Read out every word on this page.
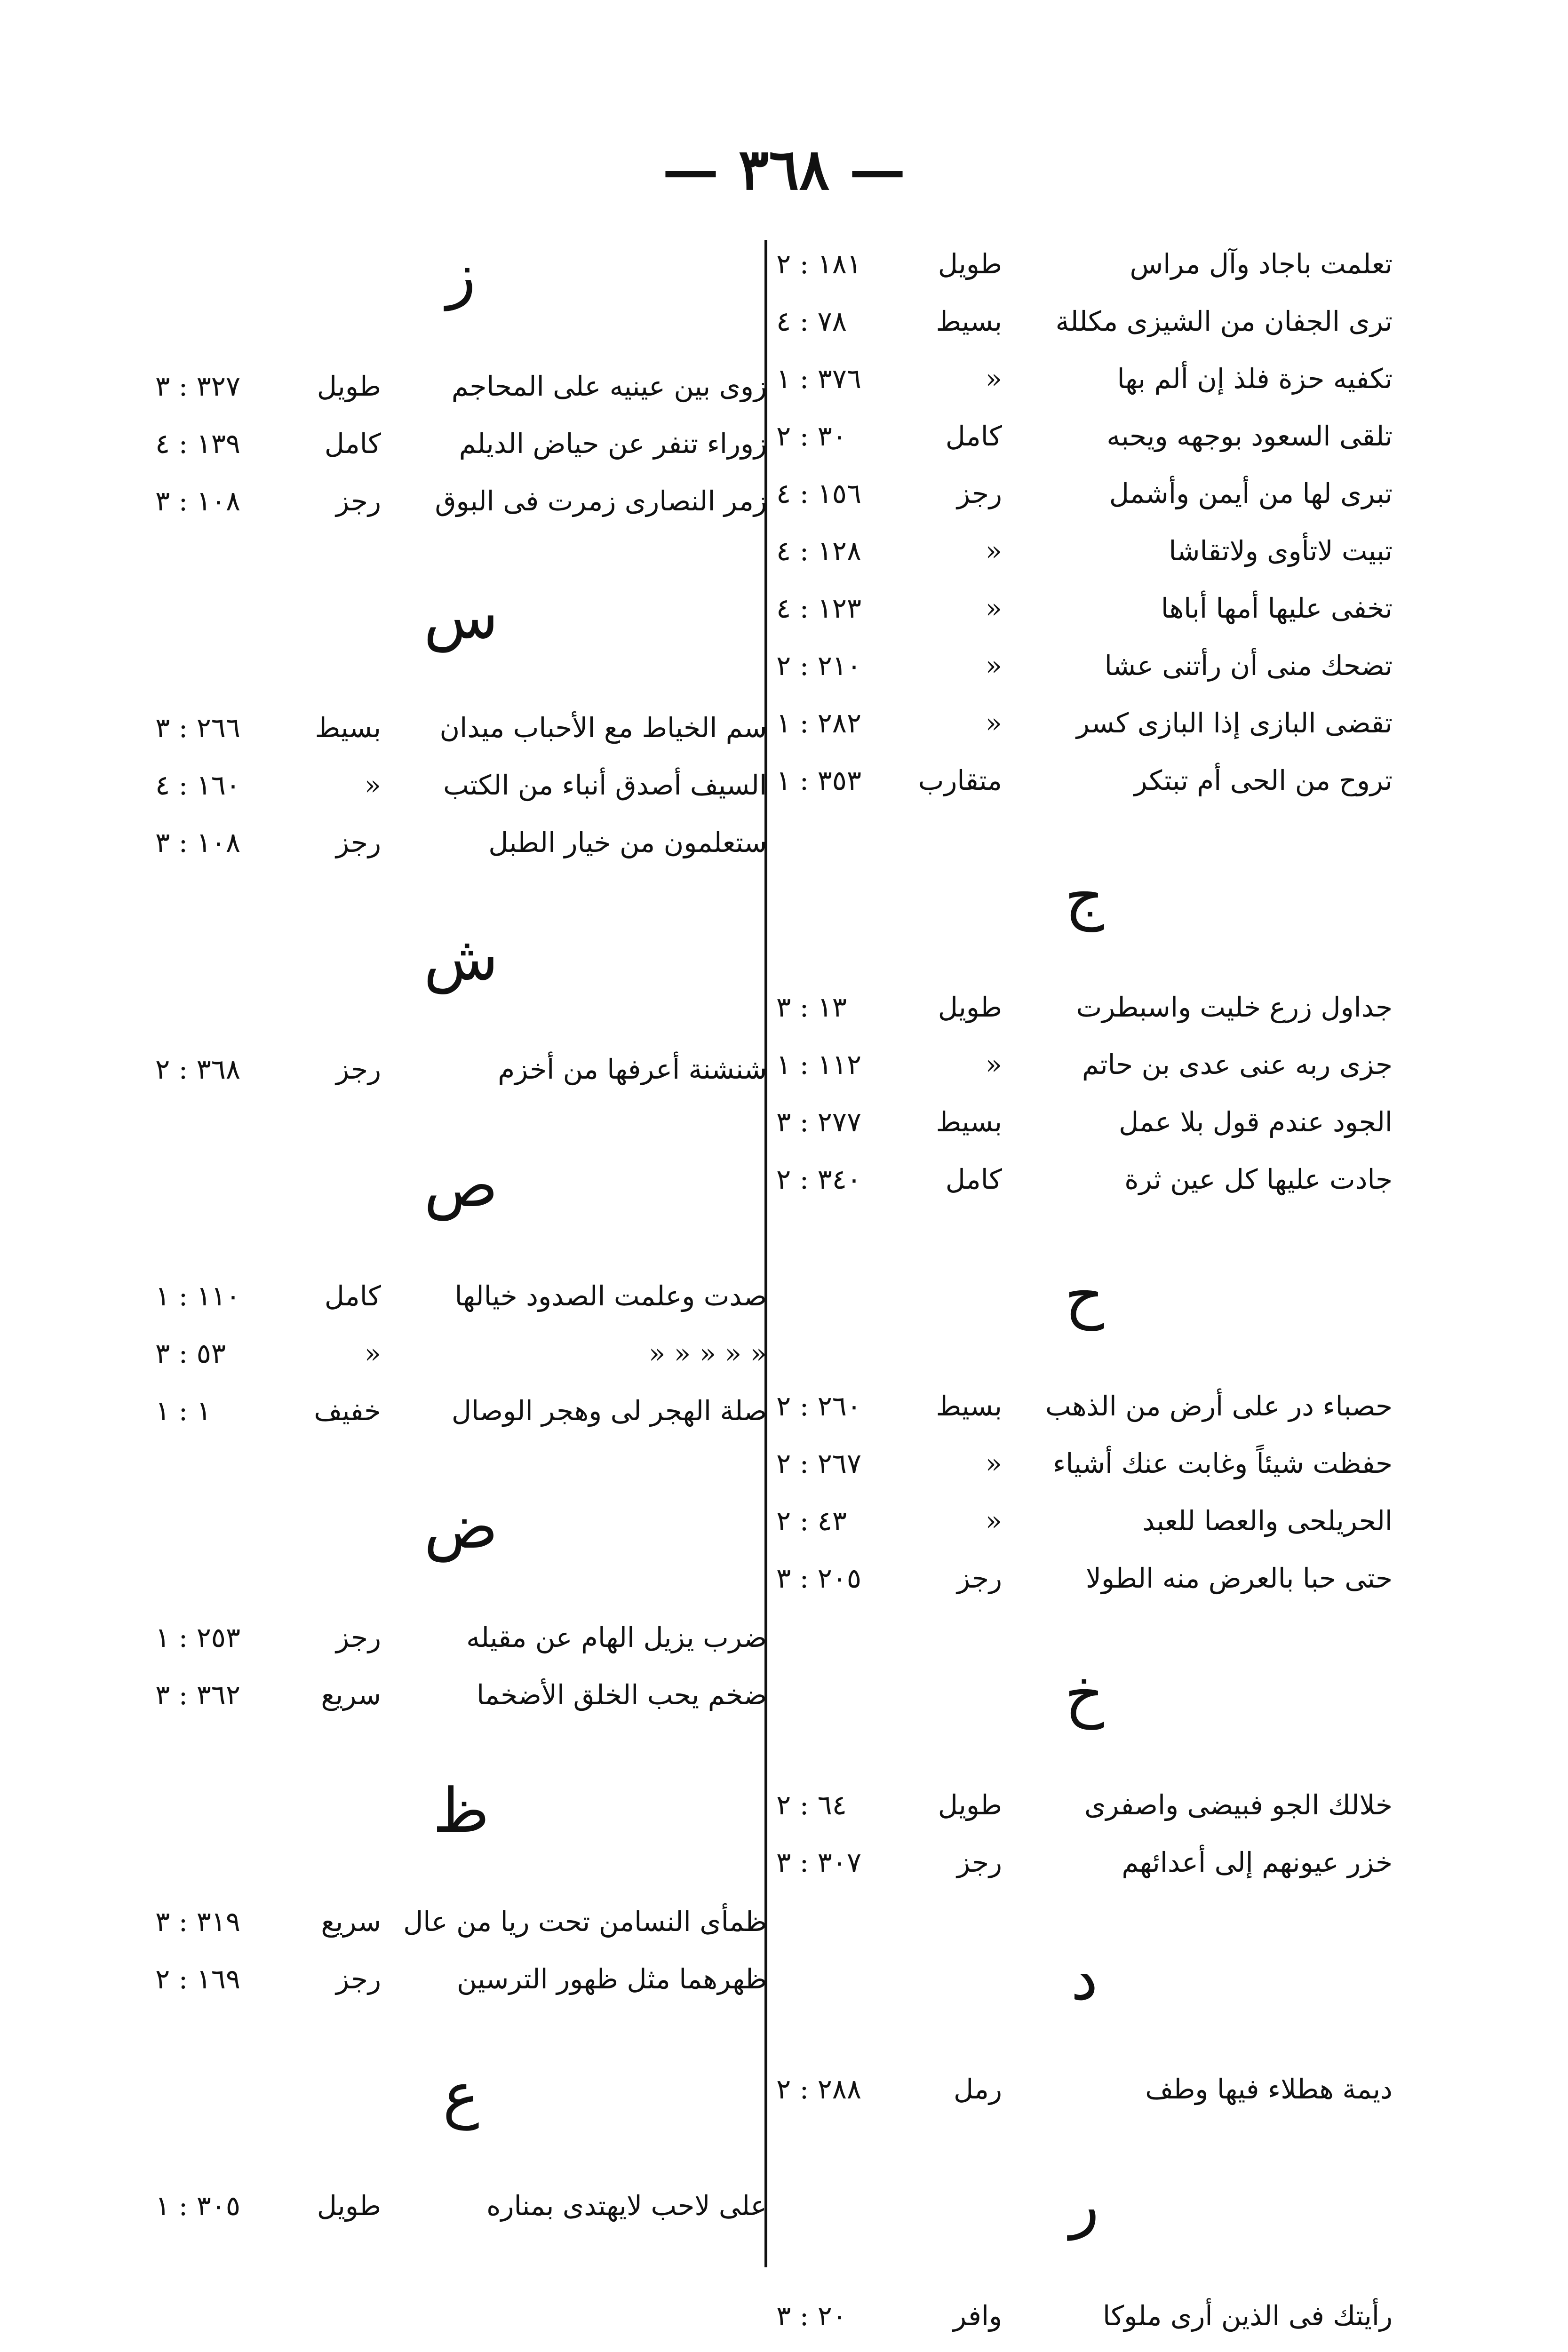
— ٣٦٨ —
تعلمت باجاد وآل مراس
طويل
١٨١ : ٢
ترى الجفان من الشيزى مكللة
بسيط
٧٨ : ٤
تكفيه حزة فلذ إن ألم بها
«
٣٧٦ : ١
تلقى السعود بوجهه ويحبه
كامل
٣٠ : ٢
تبرى لها من أيمن وأشمل
رجز
١٥٦ : ٤
تبيت لاتأوى ولاتقاشا
«
١٢٨ : ٤
تخفى عليها أمها أباها
«
١٢٣ : ٤
تضحك منى أن رأتنى عشا
«
٢١٠ : ٢
تقضى البازى إذا البازى كسر
«
٢٨٢ : ١
تروح من الحى أم تبتكر
متقارب
٣٥٣ : ١
ج
جداول زرع خليت واسبطرت
طويل
١٣ : ٣
جزى ربه عنى عدى بن حاتم
«
١١٢ : ١
الجود عندم قول بلا عمل
بسيط
٢٧٧ : ٣
جادت عليها كل عين ثرة
كامل
٣٤٠ : ٢
ح
حصباء در على أرض من الذهب
بسيط
٢٦٠ : ٢
حفظت شيئاً وغابت عنك أشياء
«
٢٦٧ : ٢
الحريلحى والعصا للعبد
«
٤٣ : ٢
حتى حبا بالعرض منه الطولا
رجز
٢٠٥ : ٣
خ
خلالك الجو فبيضى واصفرى
طويل
٦٤ : ٢
خزر عيونهم إلى أعدائهم
رجز
٣٠٧ : ٣
د
ديمة هطلاء فيها وطف
رمل
٢٨٨ : ٢
ر
رأيتك فى الذين أرى ملوكا
وافر
٢٠ : ٣
ز
زوى بين عينيه على المحاجم
طويل
٣٢٧ : ٣
زوراء تنفر عن حياض الديلم
كامل
١٣٩ : ٤
زمر النصارى زمرت فى البوق
رجز
١٠٨ : ٣
س
سم الخياط مع الأحباب ميدان
بسيط
٢٦٦ : ٣
السيف أصدق أنباء من الكتب
«
١٦٠ : ٤
ستعلمون من خيار الطبل
رجز
١٠٨ : ٣
ش
شنشنة أعرفها من أخزم
رجز
٣٦٨ : ٢
ص
صدت وعلمت الصدود خيالها
كامل
١١٠ : ١
« « « « «
«
٥٣ : ٣
صلة الهجر لى وهجر الوصال
خفيف
١ : ١
ض
ضرب يزيل الهام عن مقيله
رجز
٢٥٣ : ١
ضخم يحب الخلق الأضخما
سريع
٣٦٢ : ٣
ظ
ظمأى النسامن تحت ريا من عال
سريع
٣١٩ : ٣
ظهرهما مثل ظهور الترسين
رجز
١٦٩ : ٢
ع
على لاحب لايهتدى بمناره
طويل
٣٠٥ : ١
